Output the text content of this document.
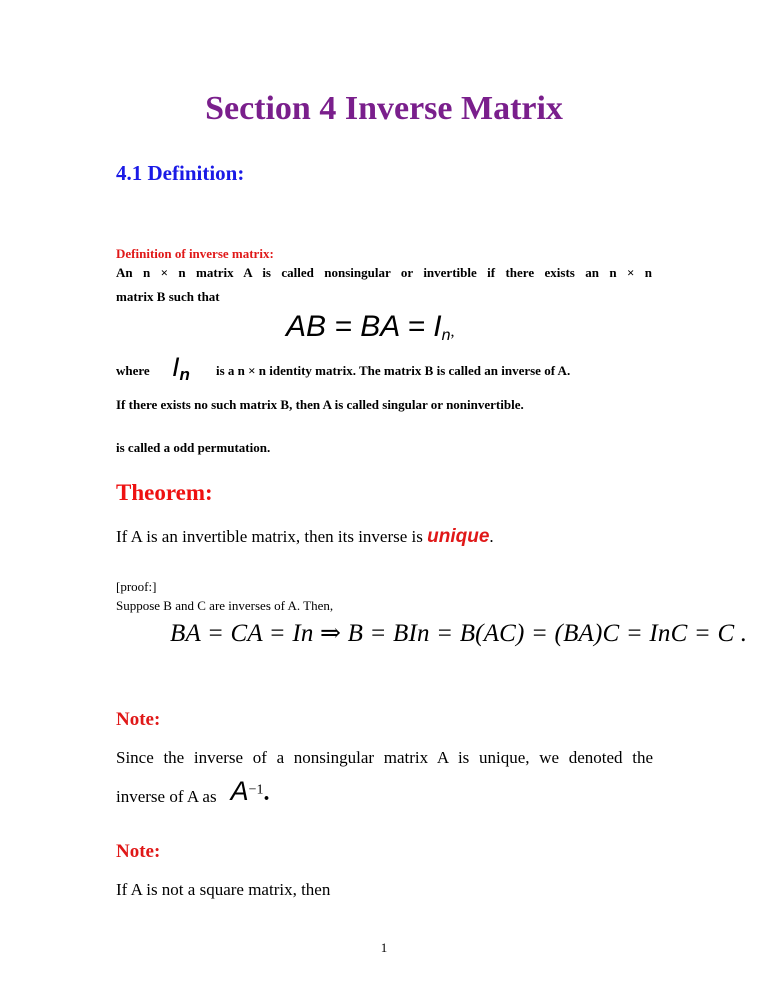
Section 4 Inverse Matrix
4.1 Definition:
Definition of inverse matrix:
An n × n matrix A is called nonsingular or invertible if there exists an n × n
matrix B such that
AB = BA = $I_n$,
where $I_n$ is a n × n identity matrix. The matrix B is called an inverse of A.
If there exists no such matrix B, then A is called singular or noninvertible.
is called a odd permutation.
Theorem:
If A is an invertible matrix, then its inverse is unique.
[proof:]
Suppose B and C are inverses of A. Then,
BA = CA = In ⇒ B = BIn = B(AC) = (BA)C = InC = C .
Note:
Since the inverse of a nonsingular matrix A is unique, we denoted the
inverse of A as $A^{-1}$.
Note:
If A is not a square matrix, then
1
